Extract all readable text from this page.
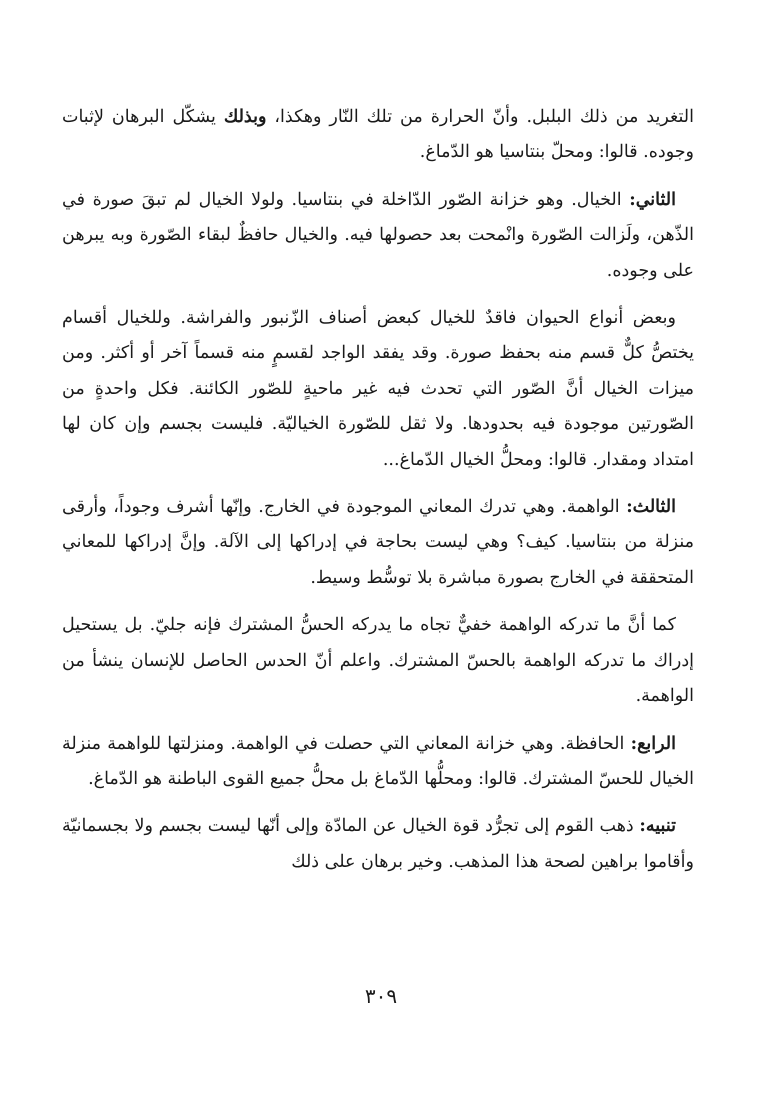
التغريد من ذلك البلبل. وأنّ الحرارة من تلك النّار وهكذا، وبذلك يشكّل البرهان لإثبات وجوده. قالوا: ومحلّ بنتاسيا هو الدّماغ.

الثاني: الخيال. وهو خزانة الصّور الدّاخلة في بنتاسيا. ولولا الخيال لم تبقَ صورة في الذّهن، ولَزالت الصّورة وانْمحت بعد حصولها فيه. والخيال حافظٌ لبقاء الصّورة وبه يبرهن على وجوده.

وبعض أنواع الحيوان فاقدٌ للخيال كبعض أصناف الزّنبور والفراشة. وللخيال أقسام يختصُّ كلٌّ قسم منه بحفظ صورة. وقد يفقد الواجد لقسمٍ منه قسماً آخر أو أكثر. ومن ميزات الخيال أنَّ الصّور التي تحدث فيه غير ماحيةٍ للصّور الكائنة. فكل واحدةٍ من الصّورتين موجودة فيه بحدودها. ولا ثقل للصّورة الخياليّة. فليست بجسم وإن كان لها امتداد ومقدار. قالوا: ومحلُّ الخيال الدّماغ...

الثالث: الواهمة. وهي تدرك المعاني الموجودة في الخارج. وإنّها أشرف وجوداً، وأرقى منزلة من بنتاسيا. كيف؟ وهي ليست بحاجة في إدراكها إلى الآلة. وإنَّ إدراكها للمعاني المتحققة في الخارج بصورة مباشرة بلا توسُّط وسيط.

كما أنَّ ما تدركه الواهمة خفيٌّ تجاه ما يدركه الحسُّ المشترك فإنه جليّ. بل يستحيل إدراك ما تدركه الواهمة بالحسّ المشترك. واعلم أنّ الحدس الحاصل للإنسان ينشأ من الواهمة.

الرابع: الحافظة. وهي خزانة المعاني التي حصلت في الواهمة. ومنزلتها للواهمة منزلة الخيال للحسّ المشترك. قالوا: ومحلُّها الدّماغ بل محلُّ جميع القوى الباطنة هو الدّماغ.

تنبيه: ذهب القوم إلى تجرُّد قوة الخيال عن المادّة وإلى أنّها ليست بجسم ولا بجسمانيّة وأقاموا براهين لصحة هذا المذهب. وخير برهان على ذلك

٣٠٩
